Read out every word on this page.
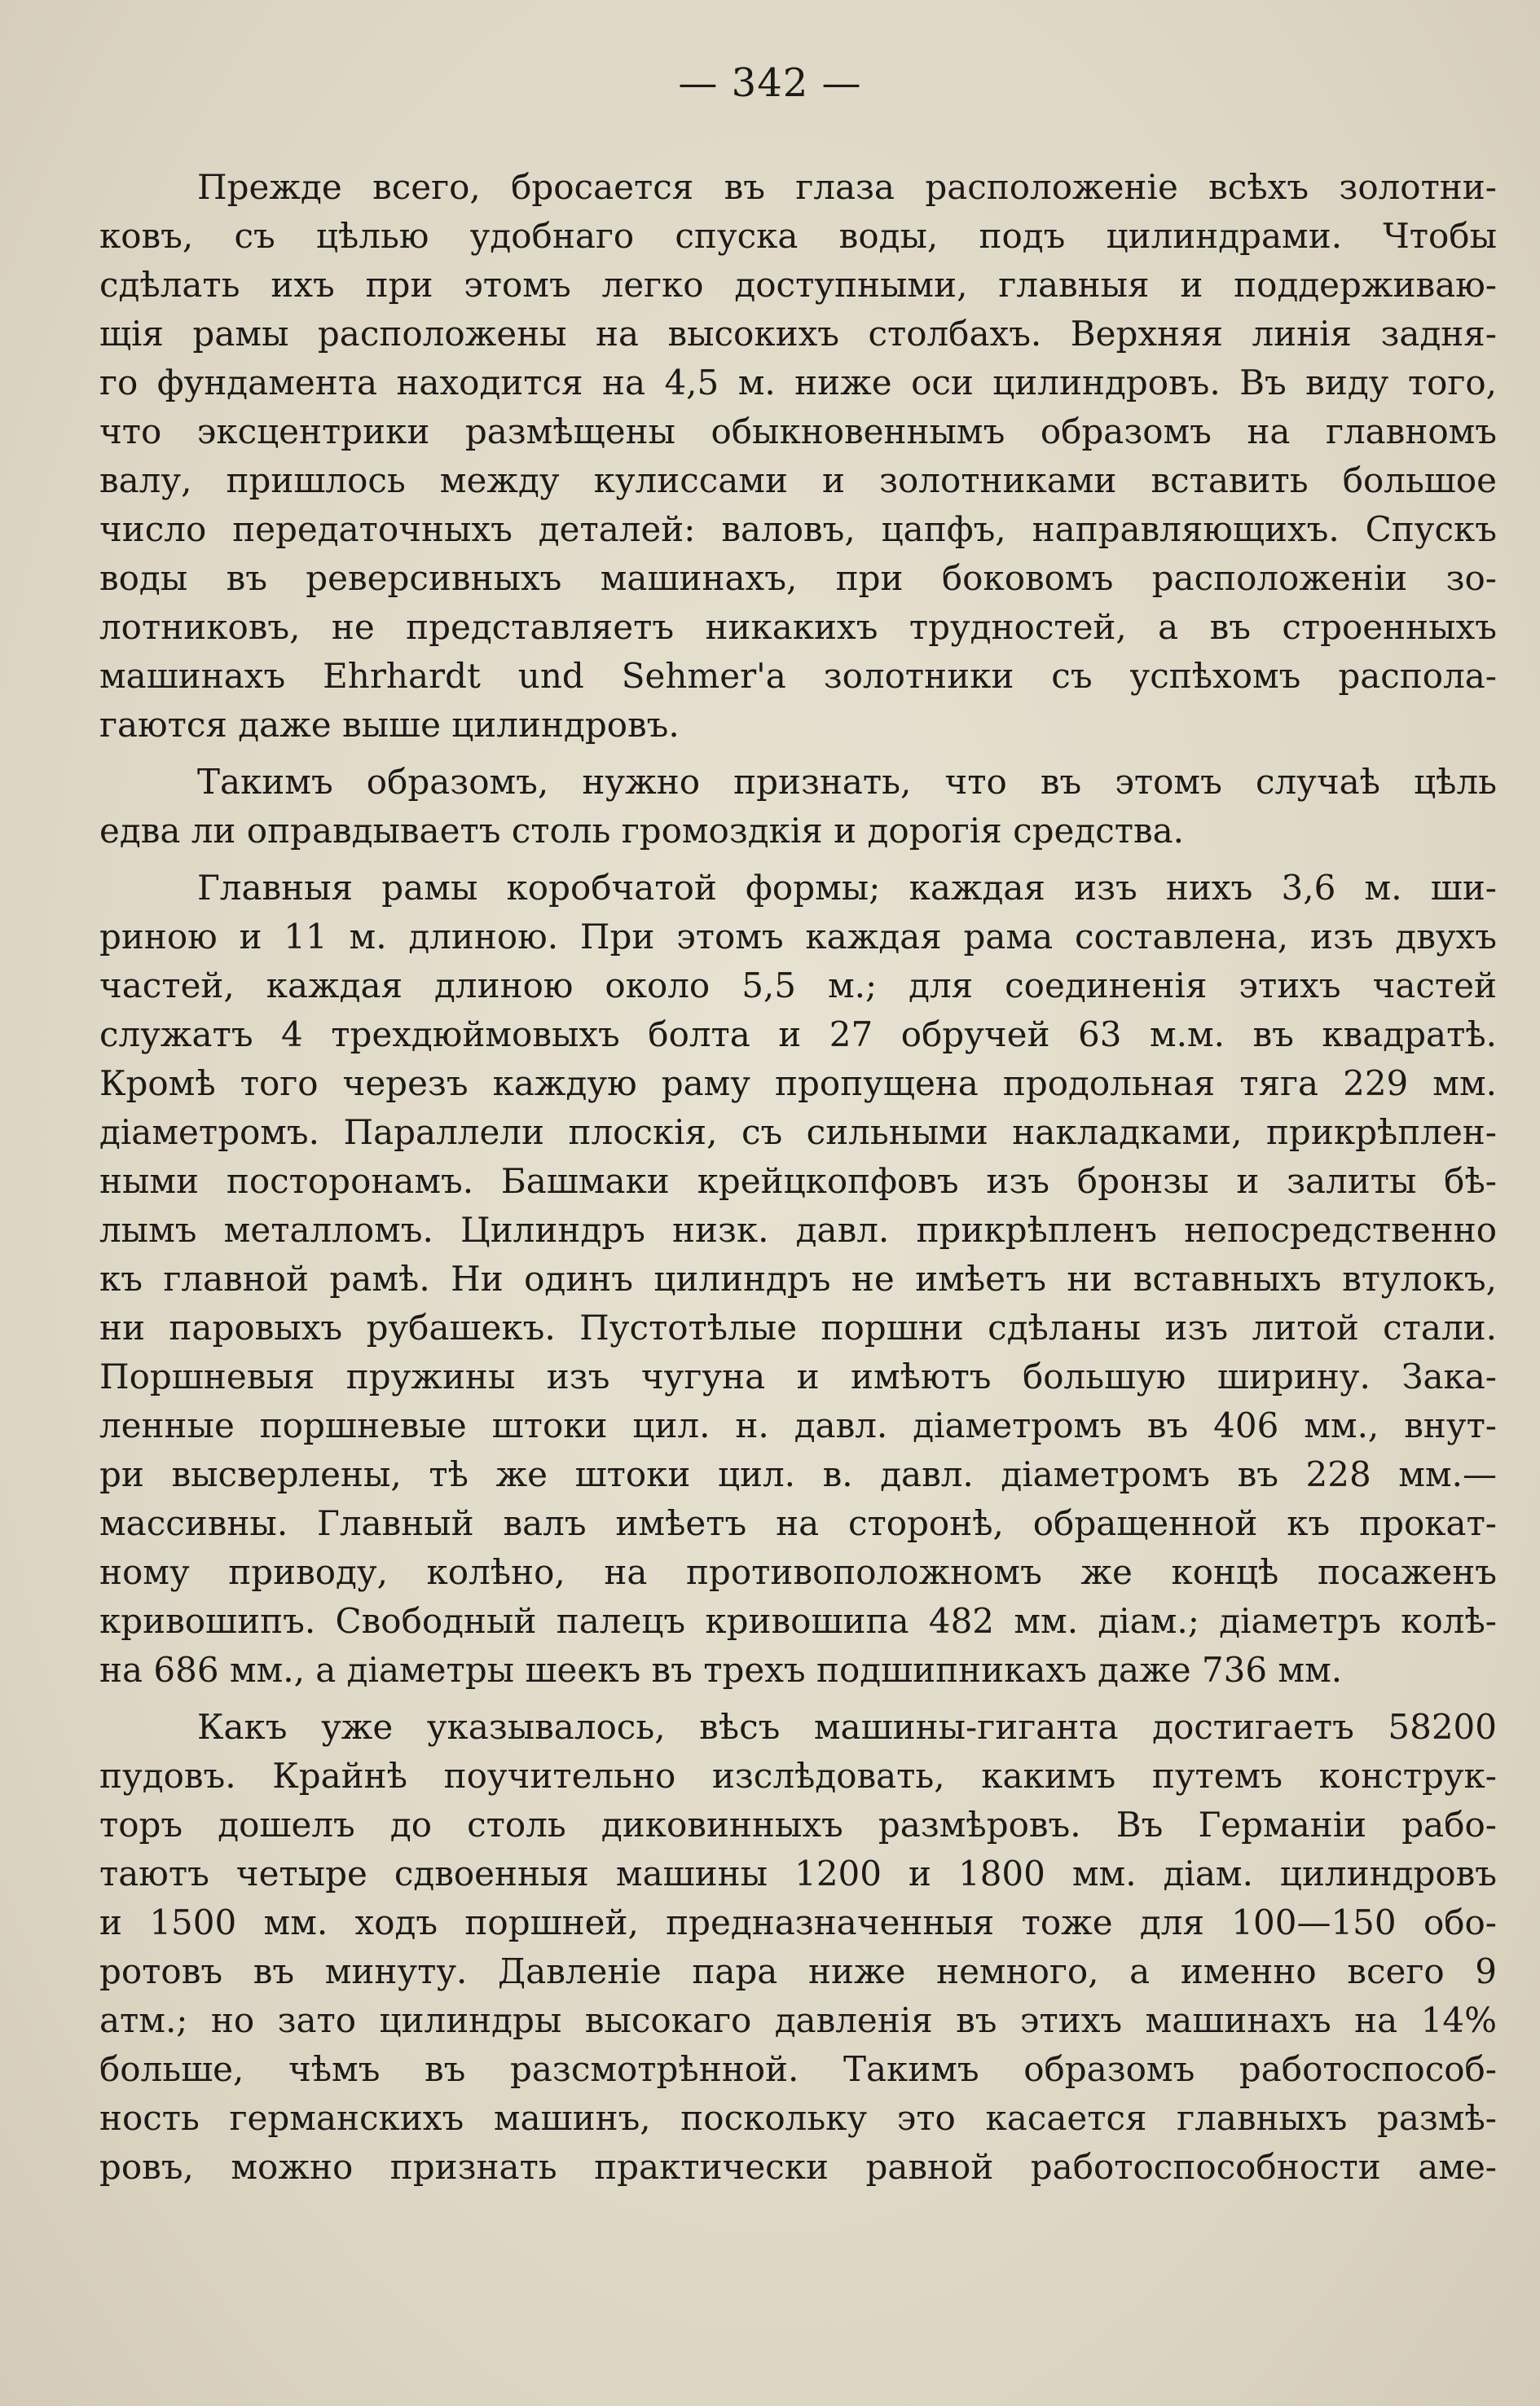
— 342 —
Прежде всего, бросается въ глаза расположенiе всѣхъ золотни-
ковъ, съ цѣлью удобнаго спуска воды, подъ цилиндрами. Чтобы
сдѣлать ихъ при этомъ легко доступными, главныя и поддерживаю-
щiя рамы расположены на высокихъ столбахъ. Верхняя линiя задня-
го фундамента находится на 4,5 м. ниже оси цилиндровъ. Въ виду того,
что эксцентрики размѣщены обыкновеннымъ образомъ на главномъ
валу, пришлось между кулиссами и золотниками вставить большое
число передаточныхъ деталей: валовъ, цапфъ, направляющихъ. Спускъ
воды въ реверсивныхъ машинахъ, при боковомъ расположенiи зо-
лотниковъ, не представляетъ никакихъ трудностей, а въ строенныхъ
машинахъ Ehrhardt und Sehmer'а золотники съ успѣхомъ распола-
гаются даже выше цилиндровъ.
Такимъ образомъ, нужно признать, что въ этомъ случаѣ цѣль
едва ли оправдываетъ столь громоздкiя и дорогiя средства.
Главныя рамы коробчатой формы; каждая изъ нихъ 3,6 м. ши-
риною и 11 м. длиною. При этомъ каждая рама составлена, изъ двухъ
частей, каждая длиною около 5,5 м.; для соединенiя этихъ частей
служатъ 4 трехдюймовыхъ болта и 27 обручей 63 м.м. въ квадратѣ.
Кромѣ того черезъ каждую раму пропущена продольная тяга 229 мм.
дiаметромъ. Параллели плоскiя, съ сильными накладками, прикрѣплен-
ными посторонамъ. Башмаки крейцкопфовъ изъ бронзы и залиты бѣ-
лымъ металломъ. Цилиндръ низк. давл. прикрѣпленъ непосредственно
къ главной рамѣ. Ни одинъ цилиндръ не имѣетъ ни вставныхъ втулокъ,
ни паровыхъ рубашекъ. Пустотѣлые поршни сдѣланы изъ литой стали.
Поршневыя пружины изъ чугуна и имѣютъ большую ширину. Зака-
ленные поршневые штоки цил. н. давл. дiаметромъ въ 406 мм., внут-
ри высверлены, тѣ же штоки цил. в. давл. дiаметромъ въ 228 мм.—
массивны. Главный валъ имѣетъ на сторонѣ, обращенной къ прокат-
ному приводу, колѣно, на противоположномъ же концѣ посаженъ
кривошипъ. Свободный палецъ кривошипа 482 мм. дiам.; дiаметръ колѣ-
на 686 мм., а дiаметры шеекъ въ трехъ подшипникахъ даже 736 мм.
Какъ уже указывалось, вѣсъ машины-гиганта достигаетъ 58200
пудовъ. Крайнѣ поучительно изслѣдовать, какимъ путемъ конструк-
торъ дошелъ до столь диковинныхъ размѣровъ. Въ Германiи рабо-
таютъ четыре сдвоенныя машины 1200 и 1800 мм. дiам. цилиндровъ
и 1500 мм. ходъ поршней, предназначенныя тоже для 100—150 обо-
ротовъ въ минуту. Давленiе пара ниже немного, а именно всего 9
атм.; но зато цилиндры высокаго давленiя въ этихъ машинахъ на 14%
больше, чѣмъ въ разсмотрѣнной. Такимъ образомъ работоспособ-
ность германскихъ машинъ, поскольку это касается главныхъ размѣ-
ровъ, можно признать практически равной работоспособности аме-
